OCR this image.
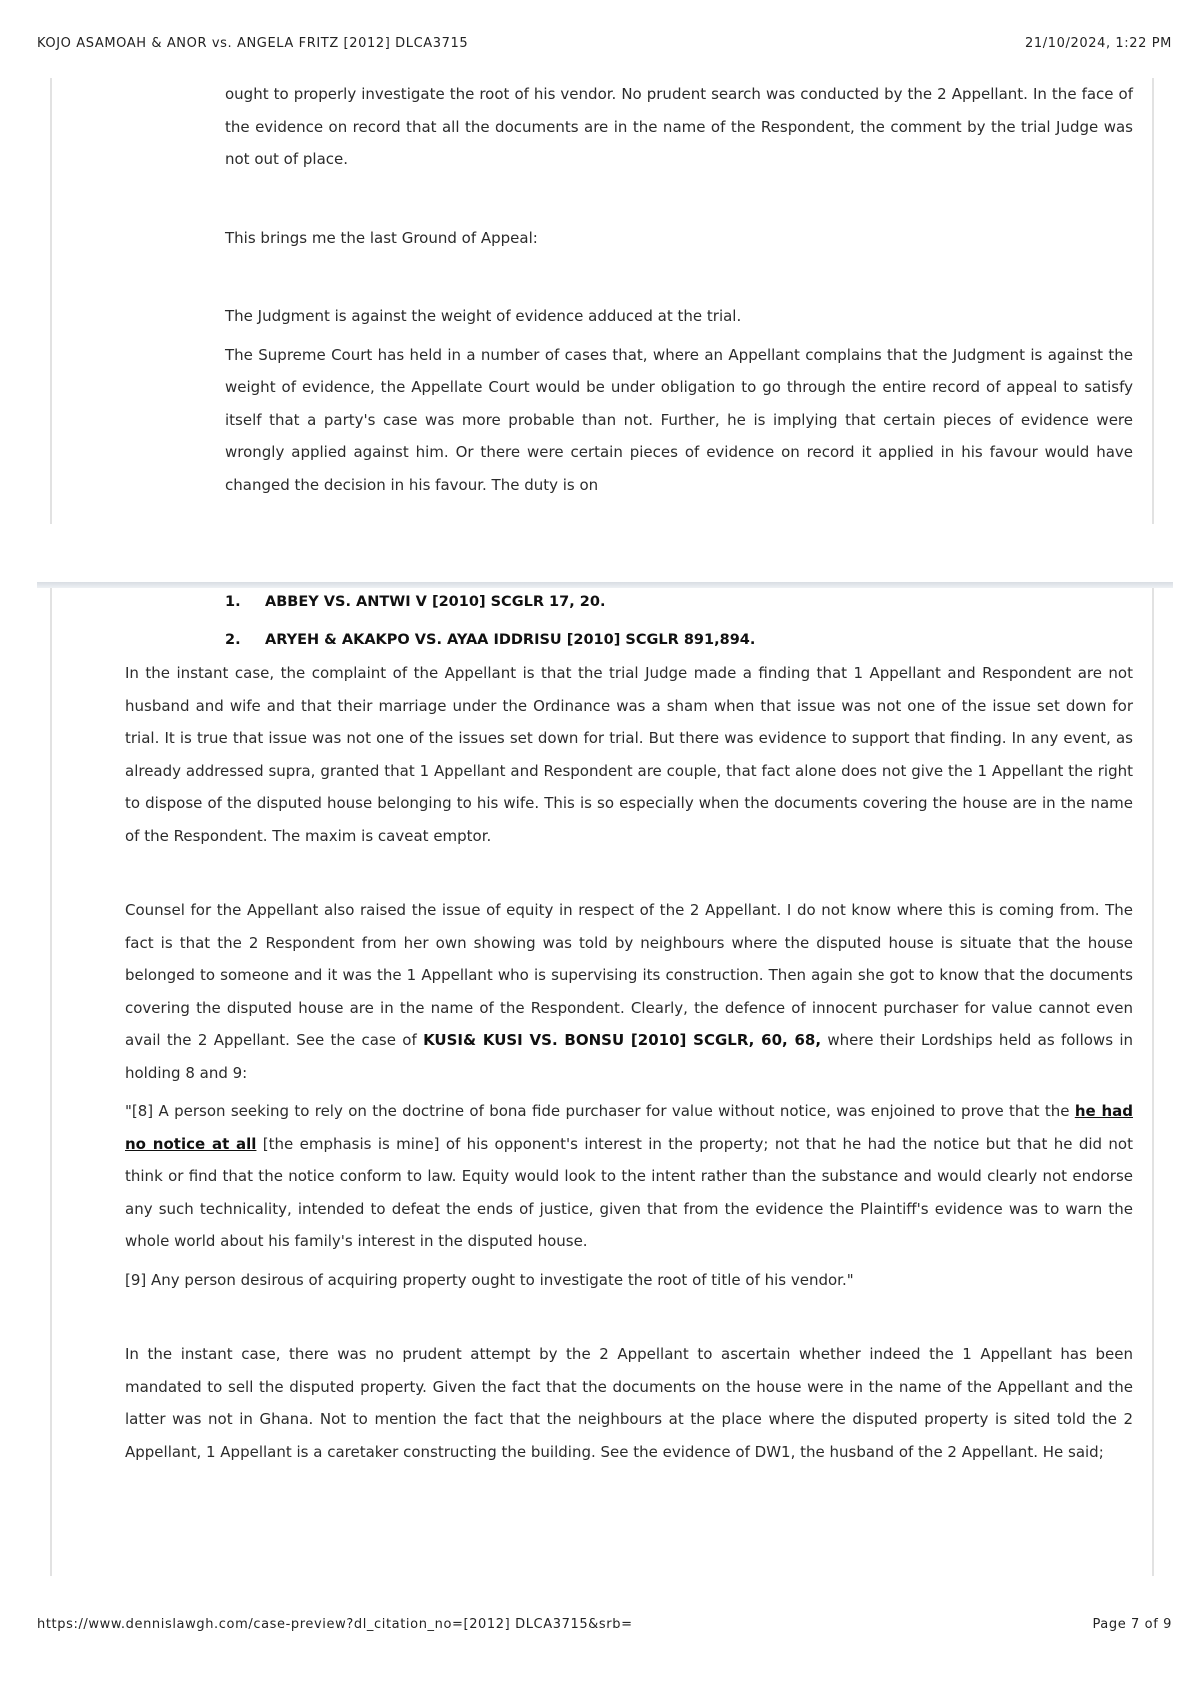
KOJO ASAMOAH & ANOR vs. ANGELA FRITZ [2012] DLCA3715	21/10/2024, 1:22 PM

ought to properly investigate the root of his vendor. No prudent search was conducted by the 2 Appellant. In the face of the evidence on record that all the documents are in the name of the Respondent, the comment by the trial Judge was not out of place.

This brings me the last Ground of Appeal:

The Judgment is against the weight of evidence adduced at the trial.

The Supreme Court has held in a number of cases that, where an Appellant complains that the Judgment is against the weight of evidence, the Appellate Court would be under obligation to go through the entire record of appeal to satisfy itself that a party's case was more probable than not. Further, he is implying that certain pieces of evidence were wrongly applied against him. Or there were certain pieces of evidence on record it applied in his favour would have changed the decision in his favour. The duty is on

1.	ABBEY VS. ANTWI V [2010] SCGLR 17, 20.
2.	ARYEH & AKAKPO VS. AYAA IDDRISU [2010] SCGLR 891,894.

In the instant case, the complaint of the Appellant is that the trial Judge made a finding that 1 Appellant and Respondent are not husband and wife and that their marriage under the Ordinance was a sham when that issue was not one of the issue set down for trial. It is true that issue was not one of the issues set down for trial. But there was evidence to support that finding. In any event, as already addressed supra, granted that 1 Appellant and Respondent are couple, that fact alone does not give the 1 Appellant the right to dispose of the disputed house belonging to his wife. This is so especially when the documents covering the house are in the name of the Respondent. The maxim is caveat emptor.

Counsel for the Appellant also raised the issue of equity in respect of the 2 Appellant. I do not know where this is coming from. The fact is that the 2 Respondent from her own showing was told by neighbours where the disputed house is situate that the house belonged to someone and it was the 1 Appellant who is supervising its construction. Then again she got to know that the documents covering the disputed house are in the name of the Respondent. Clearly, the defence of innocent purchaser for value cannot even avail the 2 Appellant. See the case of KUSI& KUSI VS. BONSU [2010] SCGLR, 60, 68, where their Lordships held as follows in holding 8 and 9:

"[8] A person seeking to rely on the doctrine of bona fide purchaser for value without notice, was enjoined to prove that the he had no notice at all [the emphasis is mine] of his opponent's interest in the property; not that he had the notice but that he did not think or find that the notice conform to law. Equity would look to the intent rather than the substance and would clearly not endorse any such technicality, intended to defeat the ends of justice, given that from the evidence the Plaintiff's evidence was to warn the whole world about his family's interest in the disputed house.

[9] Any person desirous of acquiring property ought to investigate the root of title of his vendor."

In the instant case, there was no prudent attempt by the 2 Appellant to ascertain whether indeed the 1 Appellant has been mandated to sell the disputed property. Given the fact that the documents on the house were in the name of the Appellant and the latter was not in Ghana. Not to mention the fact that the neighbours at the place where the disputed property is sited told the 2 Appellant, 1 Appellant is a caretaker constructing the building. See the evidence of DW1, the husband of the 2 Appellant. He said;

https://www.dennislawgh.com/case-preview?dl_citation_no=[2012] DLCA3715&srb=	Page 7 of 9
